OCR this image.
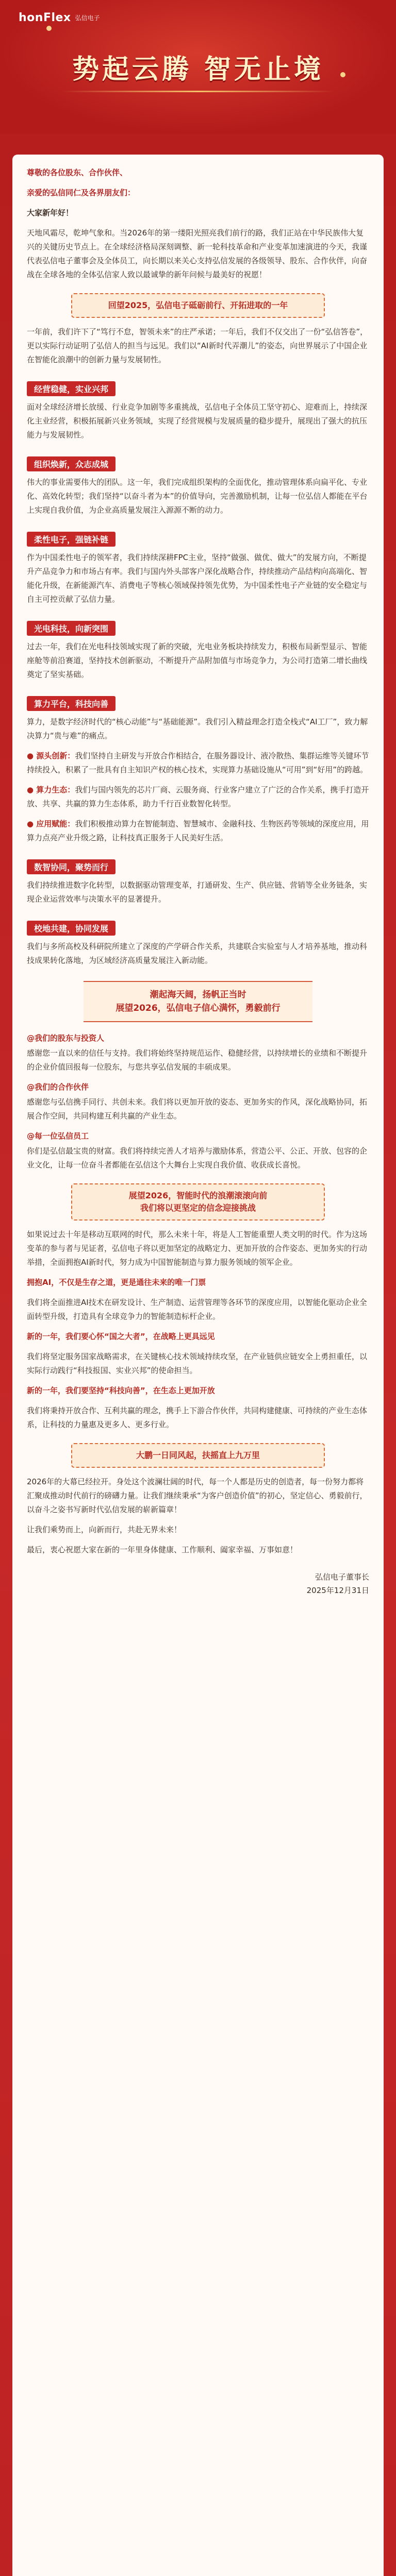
honFlex 弘信电子
势起云腾 智无止境

尊敬的各位股东、合作伙伴、

亲爱的弘信同仁及各界朋友们：

大家新年好！

天地风霜尽，乾坤气象和。当2026年的第一缕阳光照亮我们前行的路，我们正站在中华民族伟大复兴的关键历史节点上。在全球经济格局深刻调整、新一轮科技革命和产业变革加速演进的今天，我谨代表弘信电子董事会及全体员工，向长期以来关心支持弘信发展的各级领导、股东、合作伙伴，向奋战在全球各地的全体弘信家人致以最诚挚的新年问候与最美好的祝愿！

回望2025，弘信电子砥砺前行、开拓进取的一年

一年前，我们许下了“笃行不怠，智领未来”的庄严承诺；一年后，我们不仅交出了一份“弘信答卷”，更以实际行动证明了弘信人的担当与远见。我们以“AI新时代弄潮儿”的姿态，向世界展示了中国企业在智能化浪潮中的创新力量与发展韧性。

经营稳健，实业兴邦

面对全球经济增长放缓、行业竞争加剧等多重挑战，弘信电子全体员工坚守初心、迎难而上，持续深化主业经营，积极拓展新兴业务领域，实现了经营规模与发展质量的稳步提升，展现出了强大的抗压能力与发展韧性。

组织焕新，众志成城

伟大的事业需要伟大的团队。这一年，我们完成组织架构的全面优化，推动管理体系向扁平化、专业化、高效化转型；我们坚持“以奋斗者为本”的价值导向，完善激励机制，让每一位弘信人都能在平台上实现自我价值，为企业高质量发展注入源源不断的动力。

柔性电子，强链补链

作为中国柔性电子的领军者，我们持续深耕FPC主业，坚持“做强、做优、做大”的发展方向，不断提升产品竞争力和市场占有率。我们与国内外头部客户深化战略合作，持续推动产品结构向高端化、智能化升级，在新能源汽车、消费电子等核心领域保持领先优势，为中国柔性电子产业链的安全稳定与自主可控贡献了弘信力量。

光电科技，向新突围

过去一年，我们在光电科技领域实现了新的突破，光电业务板块持续发力，积极布局新型显示、智能座舱等前沿赛道，坚持技术创新驱动，不断提升产品附加值与市场竞争力，为公司打造第二增长曲线奠定了坚实基础。

算力平台，科技向善

算力，是数字经济时代的“核心动能”与“基础能源”。我们引入精益理念打造全栈式“AI工厂”，致力解决算力“贵与难”的痛点。

● 源头创新：我们坚持自主研发与开放合作相结合，在服务器设计、液冷散热、集群运维等关键环节持续投入，积累了一批具有自主知识产权的核心技术，实现算力基础设施从“可用”到“好用”的跨越。

● 算力生态：我们与国内领先的芯片厂商、云服务商、行业客户建立了广泛的合作关系，携手打造开放、共享、共赢的算力生态体系，助力千行百业数智化转型。

● 应用赋能：我们积极推动算力在智能制造、智慧城市、金融科技、生物医药等领域的深度应用，用算力点亮产业升级之路，让科技真正服务于人民美好生活。

数智协同，聚势而行

我们持续推进数字化转型，以数据驱动管理变革，打通研发、生产、供应链、营销等全业务链条，实现企业运营效率与决策水平的显著提升。

校地共建，协同发展

我们与多所高校及科研院所建立了深度的产学研合作关系，共建联合实验室与人才培养基地，推动科技成果转化落地，为区域经济高质量发展注入新动能。

潮起海天阔，扬帆正当时
展望2026，弘信电子信心满怀，勇毅前行
@我们的股东与投资人

感谢您一直以来的信任与支持。我们将始终坚持规范运作、稳健经营，以持续增长的业绩和不断提升的企业价值回报每一位股东，与您共享弘信发展的丰硕成果。

@我们的合作伙伴

感谢您与弘信携手同行、共创未来。我们将以更加开放的姿态、更加务实的作风，深化战略协同，拓展合作空间，共同构建互利共赢的产业生态。

@每一位弘信员工

你们是弘信最宝贵的财富。我们将持续完善人才培养与激励体系，营造公平、公正、开放、包容的企业文化，让每一位奋斗者都能在弘信这个大舞台上实现自我价值、收获成长喜悦。

展望2026，智能时代的浪潮滚滚向前
我们将以更坚定的信念迎接挑战

如果说过去十年是移动互联网的时代，那么未来十年，将是人工智能重塑人类文明的时代。作为这场变革的参与者与见证者，弘信电子将以更加坚定的战略定力、更加开放的合作姿态、更加务实的行动举措，全面拥抱AI新时代，努力成为中国智能制造与算力服务领域的领军企业。

拥抱AI，不仅是生存之道，更是通往未来的唯一门票

我们将全面推进AI技术在研发设计、生产制造、运营管理等各环节的深度应用，以智能化驱动企业全面转型升级，打造具有全球竞争力的智能制造标杆企业。

新的一年，我们要心怀“国之大者”，在战略上更具远见

我们将坚定服务国家战略需求，在关键核心技术领域持续攻坚，在产业链供应链安全上勇担重任，以实际行动践行“科技报国、实业兴邦”的使命担当。

新的一年，我们要坚持“科技向善”，在生态上更加开放

我们将秉持开放合作、互利共赢的理念，携手上下游合作伙伴，共同构建健康、可持续的产业生态体系，让科技的力量惠及更多人、更多行业。

大鹏一日同风起，扶摇直上九万里

2026年的大幕已经拉开。身处这个波澜壮阔的时代，每一个人都是历史的创造者，每一份努力都将汇聚成推动时代前行的磅礴力量。让我们继续秉承“为客户创造价值”的初心，坚定信心、勇毅前行，以奋斗之姿书写新时代弘信发展的崭新篇章！

让我们乘势而上，向新而行，共赴无界未来！

最后，衷心祝愿大家在新的一年里身体健康、工作顺利、阖家幸福、万事如意！

弘信电子董事长
2025年12月31日
